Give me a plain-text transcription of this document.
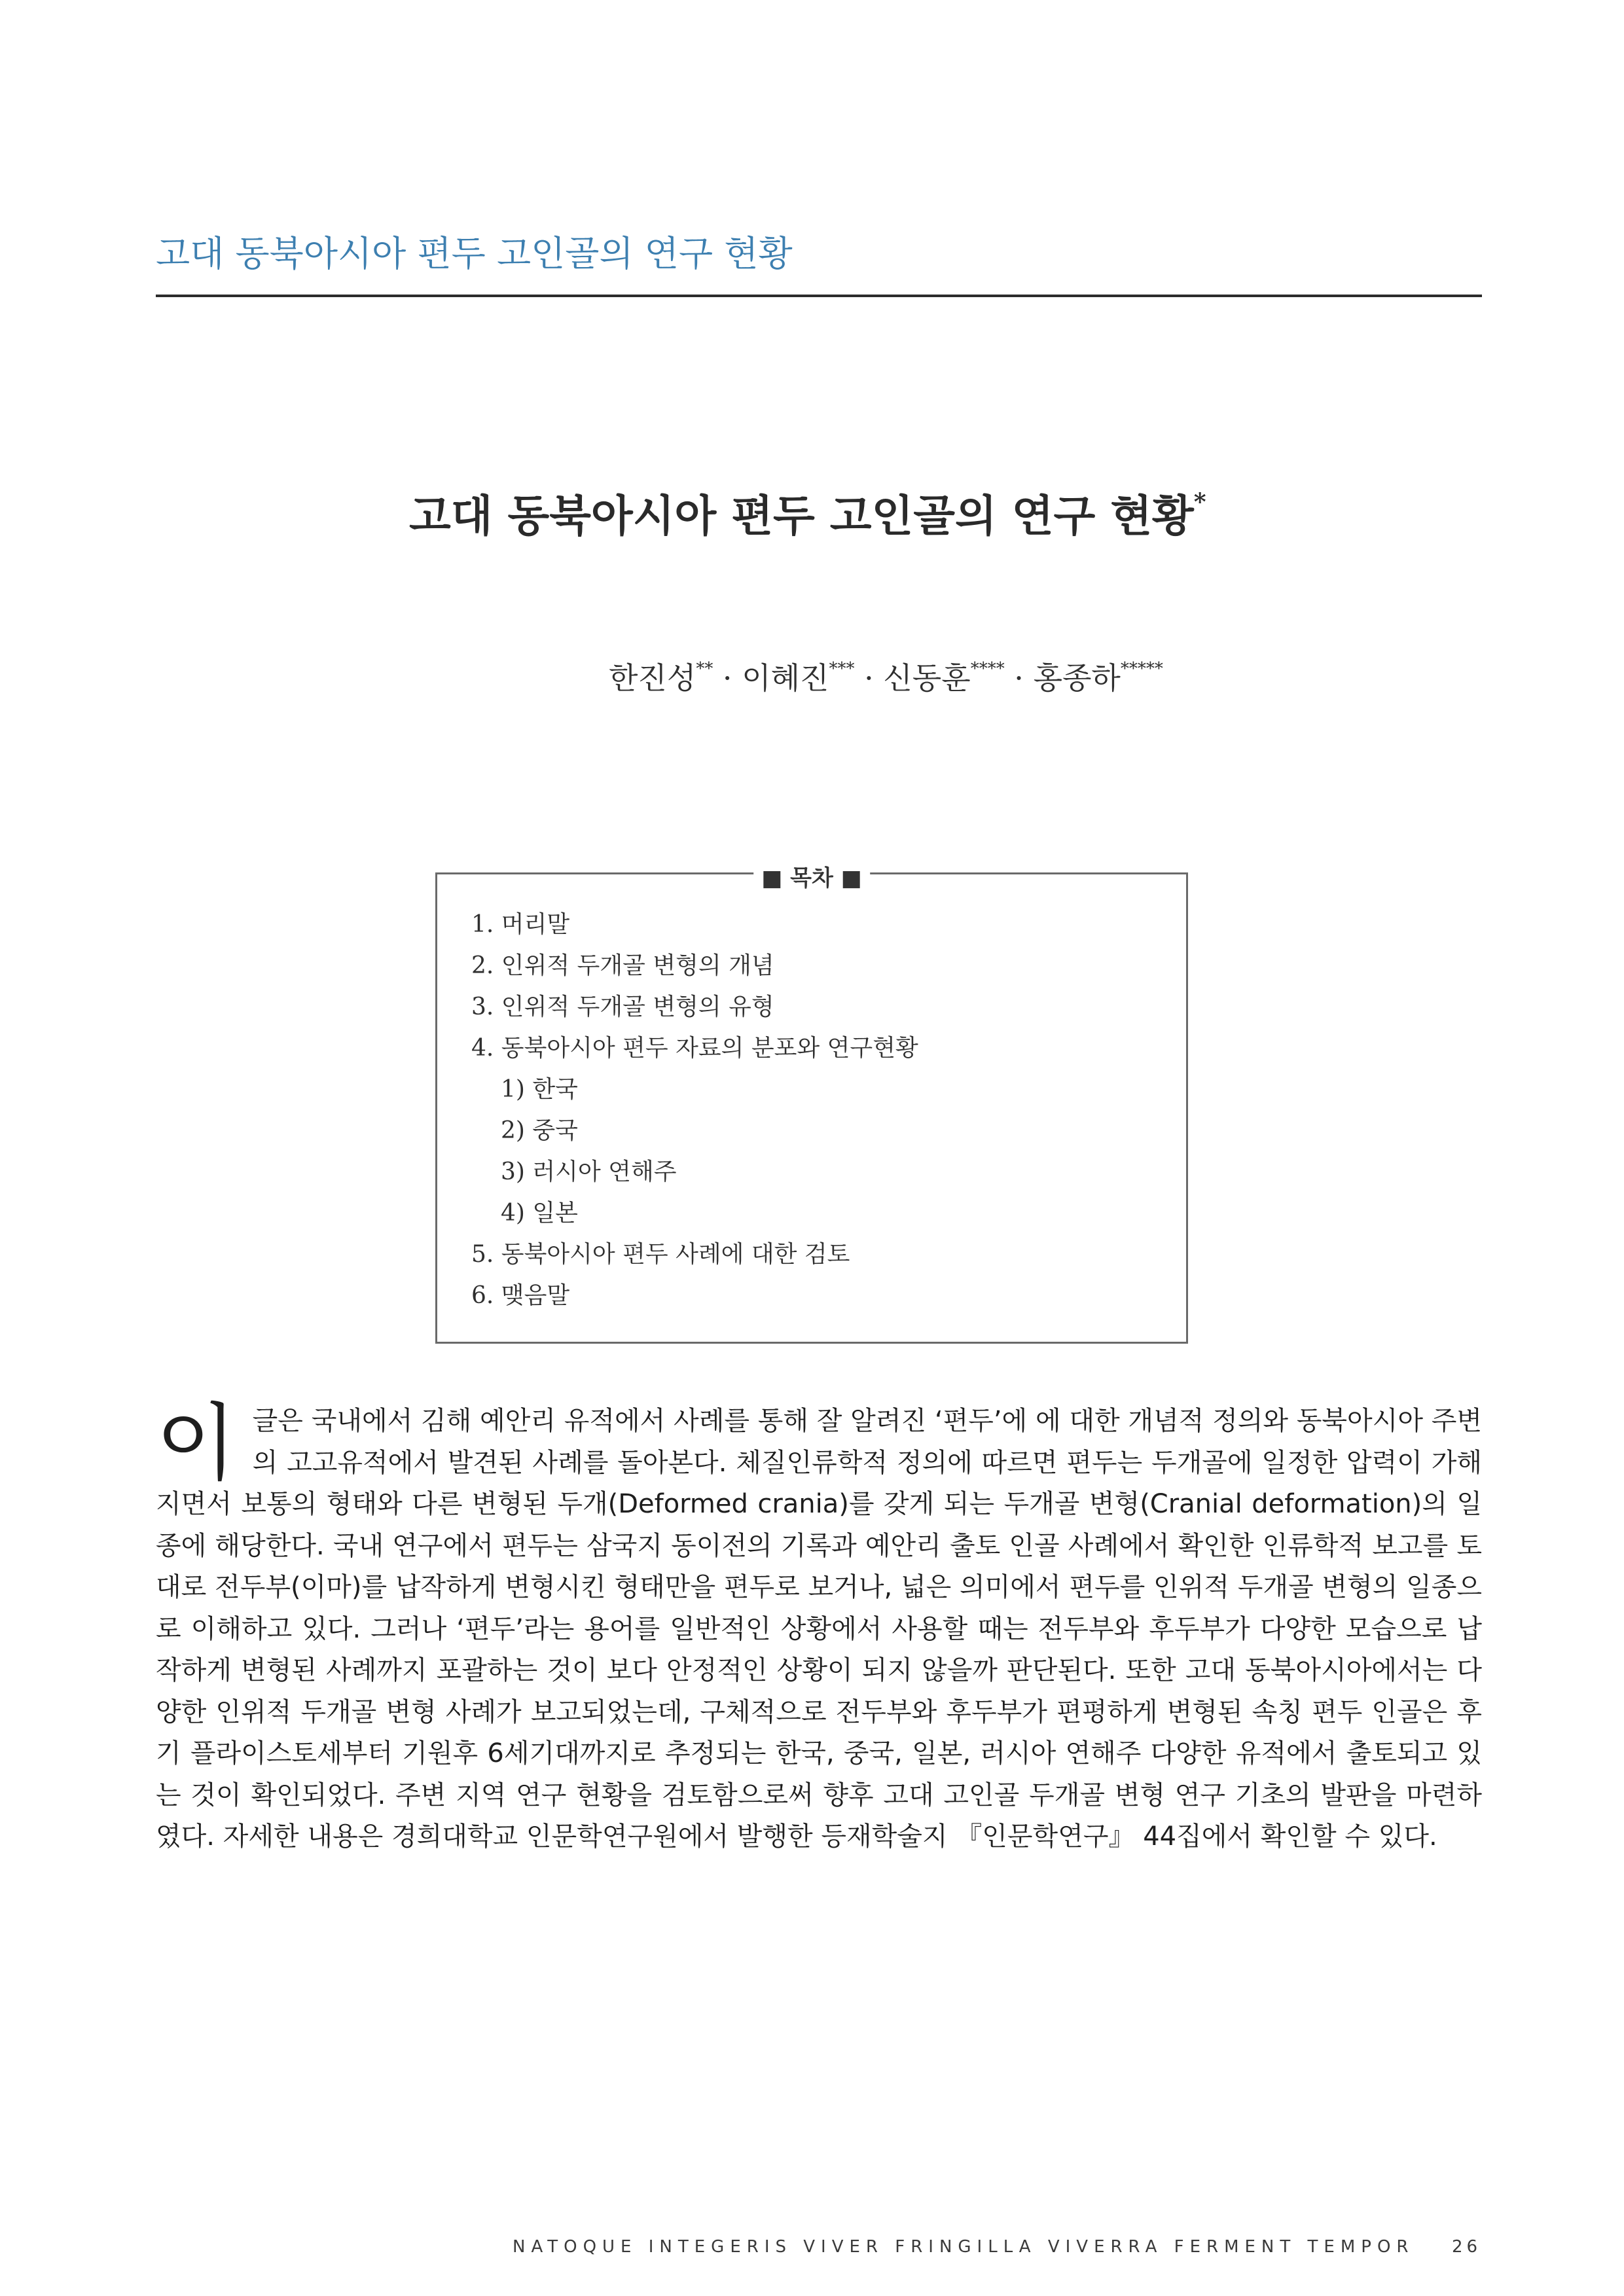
고대 동북아시아 편두 고인골의 연구 현황
고대 동북아시아 편두 고인골의 연구 현황*
한진성** · 이혜진*** · 신동훈**** · 홍종하*****
■ 목차 ■
1. 머리말
2. 인위적 두개골 변형의 개념
3. 인위적 두개골 변형의 유형
4. 동북아시아 편두 자료의 분포와 연구현황
1) 한국
2) 중국
3) 러시아 연해주
4) 일본
5. 동북아시아 편두 사례에 대한 검토
6. 맺음말
이글은 국내에서 김해 예안리 유적에서 사례를 통해 잘 알려진 ‘편두’에 에 대한 개념적 정의와 동북아시아 주변의 고고유적에서 발견된 사례를 돌아본다. 체질인류학적 정의에 따르면 편두는 두개골에 일정한 압력이 가해지면서 보통의 형태와 다른 변형된 두개(Deformed crania)를 갖게 되는 두개골 변형(Cranial deformation)의 일종에 해당한다. 국내 연구에서 편두는 삼국지 동이전의 기록과 예안리 출토 인골 사례에서 확인한 인류학적 보고를 토대로 전두부(이마)를 납작하게 변형시킨 형태만을 편두로 보거나, 넓은 의미에서 편두를 인위적 두개골 변형의 일종으로 이해하고 있다. 그러나 ‘편두’라는 용어를 일반적인 상황에서 사용할 때는 전두부와 후두부가 다양한 모습으로 납작하게 변형된 사례까지 포괄하는 것이 보다 안정적인 상황이 되지 않을까 판단된다. 또한 고대 동북아시아에서는 다양한 인위적 두개골 변형 사례가 보고되었는데, 구체적으로 전두부와 후두부가 편평하게 변형된 속칭 편두 인골은 후기 플라이스토세부터 기원후 6세기대까지로 추정되는 한국, 중국, 일본, 러시아 연해주 다양한 유적에서 출토되고 있는 것이 확인되었다. 주변 지역 연구 현황을 검토함으로써 향후 고대 고인골 두개골 변형 연구 기초의 발판을 마련하였다. 자세한 내용은 경희대학교 인문학연구원에서 발행한 등재학술지 『인문학연구』 44집에서 확인할 수 있다.
NATOQUE INTEGERIS VIVER FRINGILLA VIVERRA FERMENT TEMPOR 26
